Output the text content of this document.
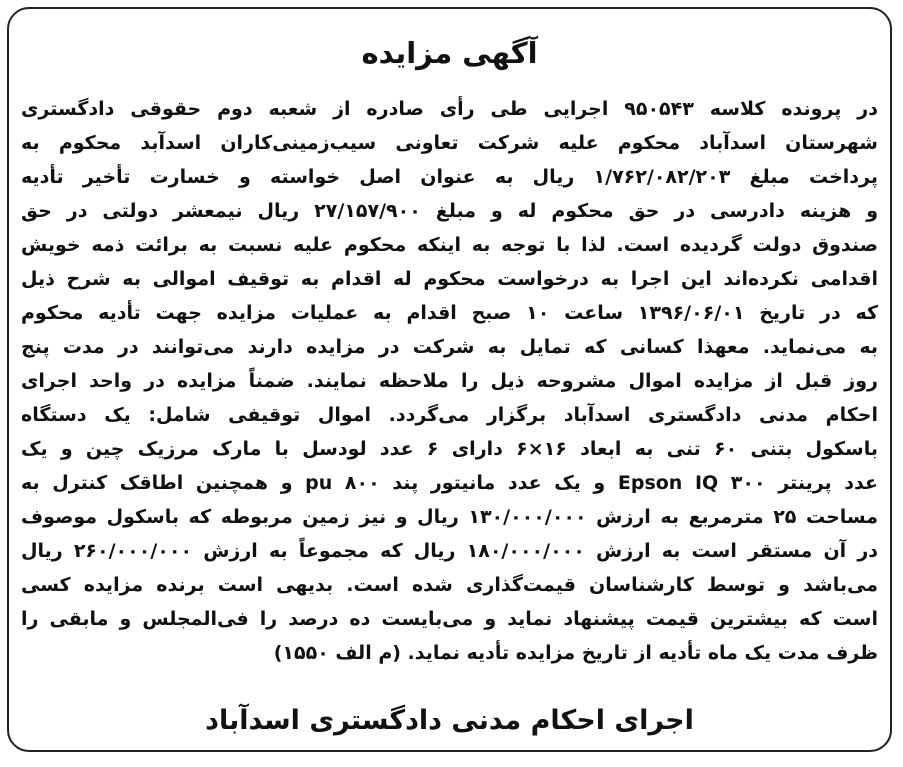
آگهی مزایده
در پرونده کلاسه ۹۵۰۵۴۳ اجرایی طی رأی صادره از شعبه دوم حقوقی دادگستری
شهرستان اسدآباد محکوم علیه شرکت تعاونی سیب‌زمینی‌کاران اسدآبد محکوم به
پرداخت مبلغ ۱/۷۶۲/۰۸۲/۲۰۳ ریال به عنوان اصل خواسته و خسارت تأخیر تأدیه
و هزینه دادرسی در حق محکوم له و مبلغ ۲۷/۱۵۷/۹۰۰ ریال نیمعشر دولتی در حق
صندوق دولت گردیده است. لذا با توجه به اینکه محکوم علیه نسبت به برائت ذمه خویش
اقدامی نکرده‌اند این اجرا به درخواست محکوم له اقدام به توقیف اموالی به شرح ذیل
که در تاریخ ۱۳۹۶/۰۶/۰۱ ساعت ۱۰ صبح اقدام به عملیات مزایده جهت تأدیه محکوم
به می‌نماید. معهذا کسانی که تمایل به شرکت در مزایده دارند می‌توانند در مدت پنج
روز قبل از مزایده اموال مشروحه ذیل را ملاحظه نمایند. ضمناً مزایده در واحد اجرای
احکام مدنی دادگستری اسدآباد برگزار می‌گردد. اموال توقیفی شامل: یک دستگاه
باسکول بتنی ۶۰ تنی به ابعاد ۱۶×۶ دارای ۶ عدد لودسل با مارک مرزیک چین و یک
عدد پرینتر Epson IQ ۳۰۰ و یک عدد مانیتور پند pu ۸۰۰ و همچنین اطاقک کنترل به
مساحت ۲۵ مترمربع به ارزش ۱۳۰/۰۰۰/۰۰۰ ریال و نیز زمین مربوطه که باسکول موصوف
در آن مستقر است به ارزش ۱۸۰/۰۰۰/۰۰۰ ریال که مجموعاً به ارزش ۲۶۰/۰۰۰/۰۰۰ ریال
می‌باشد و توسط کارشناسان قیمت‌گذاری شده است. بدیهی است برنده مزایده کسی
است که بیشترین قیمت پیشنهاد نماید و می‌بایست ده درصد را فی‌المجلس و مابقی را
ظرف مدت یک ماه تأدیه از تاریخ مزایده تأدیه نماید. (م الف ۱۵۵۰)
اجرای احکام مدنی دادگستری اسدآباد
